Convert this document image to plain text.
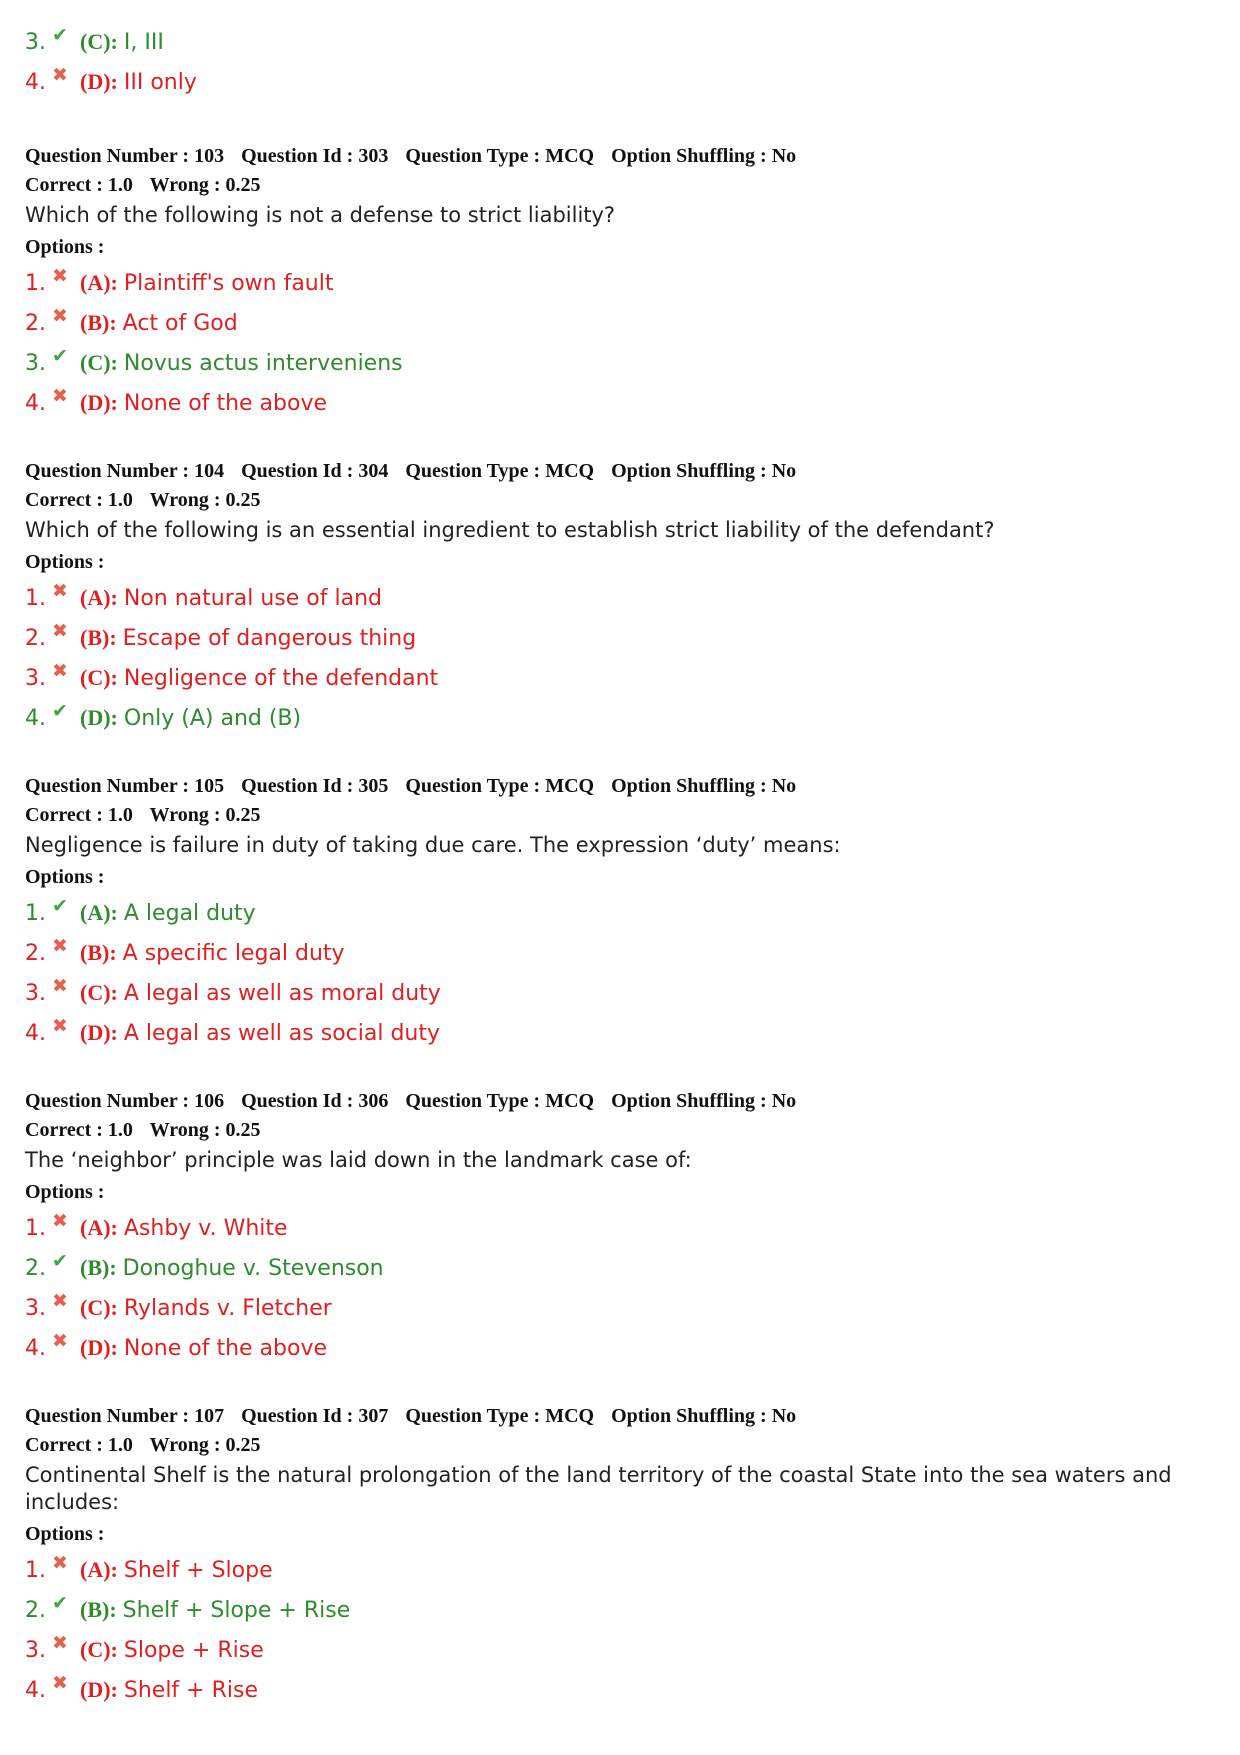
3. ✔ (C): I, III
4. ✖ (D): III only
Question Number : 103 Question Id : 303 Question Type : MCQ Option Shuffling : No
Correct : 1.0 Wrong : 0.25
Which of the following is not a defense to strict liability?
Options :
1. ✖ (A): Plaintiff's own fault
2. ✖ (B): Act of God
3. ✔ (C): Novus actus interveniens
4. ✖ (D): None of the above
Question Number : 104 Question Id : 304 Question Type : MCQ Option Shuffling : No
Correct : 1.0 Wrong : 0.25
Which of the following is an essential ingredient to establish strict liability of the defendant?
Options :
1. ✖ (A): Non natural use of land
2. ✖ (B): Escape of dangerous thing
3. ✖ (C): Negligence of the defendant
4. ✔ (D): Only (A) and (B)
Question Number : 105 Question Id : 305 Question Type : MCQ Option Shuffling : No
Correct : 1.0 Wrong : 0.25
Negligence is failure in duty of taking due care. The expression ‘duty’ means:
Options :
1. ✔ (A): A legal duty
2. ✖ (B): A specific legal duty
3. ✖ (C): A legal as well as moral duty
4. ✖ (D): A legal as well as social duty
Question Number : 106 Question Id : 306 Question Type : MCQ Option Shuffling : No
Correct : 1.0 Wrong : 0.25
The ‘neighbor’ principle was laid down in the landmark case of:
Options :
1. ✖ (A): Ashby v. White
2. ✔ (B): Donoghue v. Stevenson
3. ✖ (C): Rylands v. Fletcher
4. ✖ (D): None of the above
Question Number : 107 Question Id : 307 Question Type : MCQ Option Shuffling : No
Correct : 1.0 Wrong : 0.25
Continental Shelf is the natural prolongation of the land territory of the coastal State into the sea waters and includes:
Options :
1. ✖ (A): Shelf + Slope
2. ✔ (B): Shelf + Slope + Rise
3. ✖ (C): Slope + Rise
4. ✖ (D): Shelf + Rise
